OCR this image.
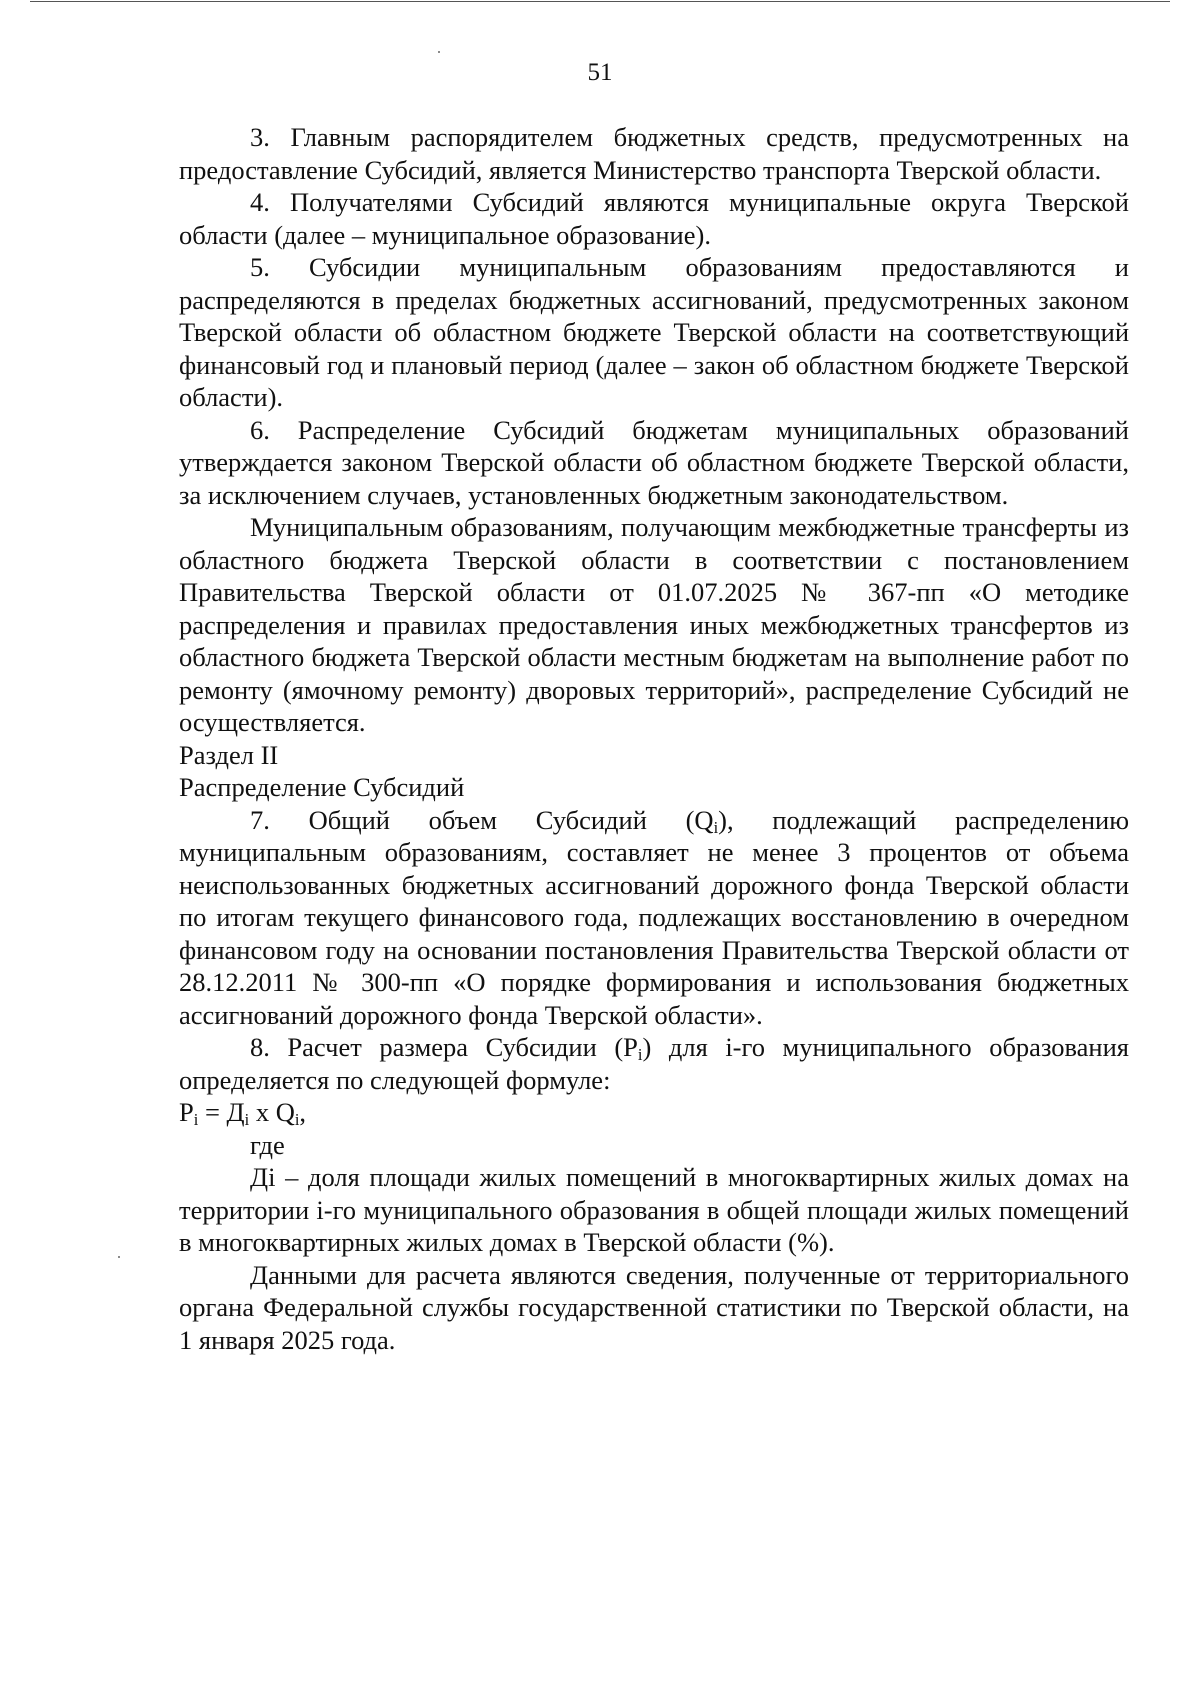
51

3. Главным распорядителем бюджетных средств, предусмотренных на предоставление Субсидий, является Министерство транспорта Тверской области.

4. Получателями Субсидий являются муниципальные округа Тверской области (далее – муниципальное образование).

5. Субсидии муниципальным образованиям предоставляются и распределяются в пределах бюджетных ассигнований, предусмотренных законом Тверской области об областном бюджете Тверской области на соответствующий финансовый год и плановый период (далее – закон об областном бюджете Тверской области).

6. Распределение Субсидий бюджетам муниципальных образований утверждается законом Тверской области об областном бюджете Тверской области, за исключением случаев, установленных бюджетным законодательством.

Муниципальным образованиям, получающим межбюджетные трансферты из областного бюджета Тверской области в соответствии с постановлением Правительства Тверской области от 01.07.2025 № 367-пп «О методике распределения и правилах предоставления иных межбюджетных трансфертов из областного бюджета Тверской области местным бюджетам на выполнение работ по ремонту (ямочному ремонту) дворовых территорий», распределение Субсидий не осуществляется.

Раздел II

Распределение Субсидий

7. Общий объем Субсидий $(Q_i)$, подлежащий распределению муниципальным образованиям, составляет не менее 3 процентов от объема неиспользованных бюджетных ассигнований дорожного фонда Тверской области по итогам текущего финансового года, подлежащих восстановлению в очередном финансовом году на основании постановления Правительства Тверской области от 28.12.2011 № 300-пп «О порядке формирования и использования бюджетных ассигнований дорожного фонда Тверской области».

8. Расчет размера Субсидии $(P_i)$ для i-го муниципального образования определяется по следующей формуле:

$P_i = Д_i$ x $Q_i$,

где

Дi – доля площади жилых помещений в многоквартирных жилых домах на территории i-го муниципального образования в общей площади жилых помещений в многоквартирных жилых домах в Тверской области (%).

Данными для расчета являются сведения, полученные от территориального органа Федеральной службы государственной статистики по Тверской области, на 1 января 2025 года.
